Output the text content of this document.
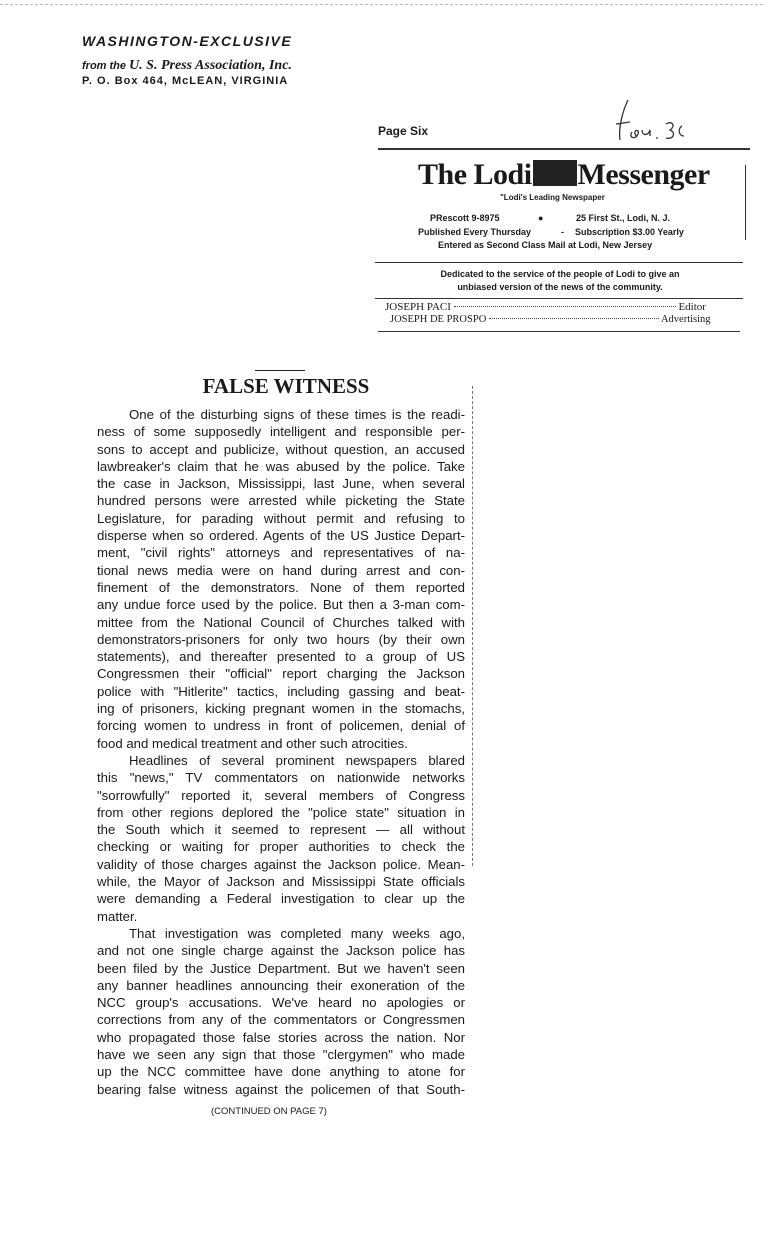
WASHINGTON-EXCLUSIVE
from the U. S. Press Association, Inc.
P. O. Box 464, McLEAN, VIRGINIA
Page Six
The Lodi Messenger
"Lodi's Leading Newspaper
PRescott 9-8975	●	25 First St., Lodi, N. J.
Published Every Thursday	- Subscription $3.00 Yearly
Entered as Second Class Mail at Lodi, New Jersey
Dedicated to the service of the people of Lodi to give an
unbiased version of the news of the community.
JOSEPH PACI	Editor
JOSEPH DE PROSPO	Advertising
FALSE WITNESS
One of the disturbing signs of these times is the readi-
ness of some supposedly intelligent and responsible per-
sons to accept and publicize, without question, an accused
lawbreaker's claim that he was abused by the police. Take
the case in Jackson, Mississippi, last June, when several
hundred persons were arrested while picketing the State
Legislature, for parading without permit and refusing to
disperse when so ordered. Agents of the US Justice Depart-
ment, "civil rights" attorneys and representatives of na-
tional news media were on hand during arrest and con-
finement of the demonstrators. None of them reported
any undue force used by the police. But then a 3-man com-
mittee from the National Council of Churches talked with
demonstrators-prisoners for only two hours (by their own
statements), and thereafter presented to a group of US
Congressmen their "official" report charging the Jackson
police with "Hitlerite" tactics, including gassing and beat-
ing of prisoners, kicking pregnant women in the stomachs,
forcing women to undress in front of policemen, denial of
food and medical treatment and other such atrocities.
Headlines of several prominent newspapers blared
this "news," TV commentators on nationwide networks
"sorrowfully" reported it, several members of Congress
from other regions deplored the "police state" situation in
the South which it seemed to represent — all without
checking or waiting for proper authorities to check the
validity of those charges against the Jackson police. Mean-
while, the Mayor of Jackson and Mississippi State officials
were demanding a Federal investigation to clear up the
matter.
That investigation was completed many weeks ago,
and not one single charge against the Jackson police has
been filed by the Justice Department. But we haven't seen
any banner headlines announcing their exoneration of the
NCC group's accusations. We've heard no apologies or
corrections from any of the commentators or Congressmen
who propagated those false stories across the nation. Nor
have we seen any sign that those "clergymen" who made
up the NCC committee have done anything to atone for
bearing false witness against the policemen of that South-
(CONTINUED ON PAGE 7)
